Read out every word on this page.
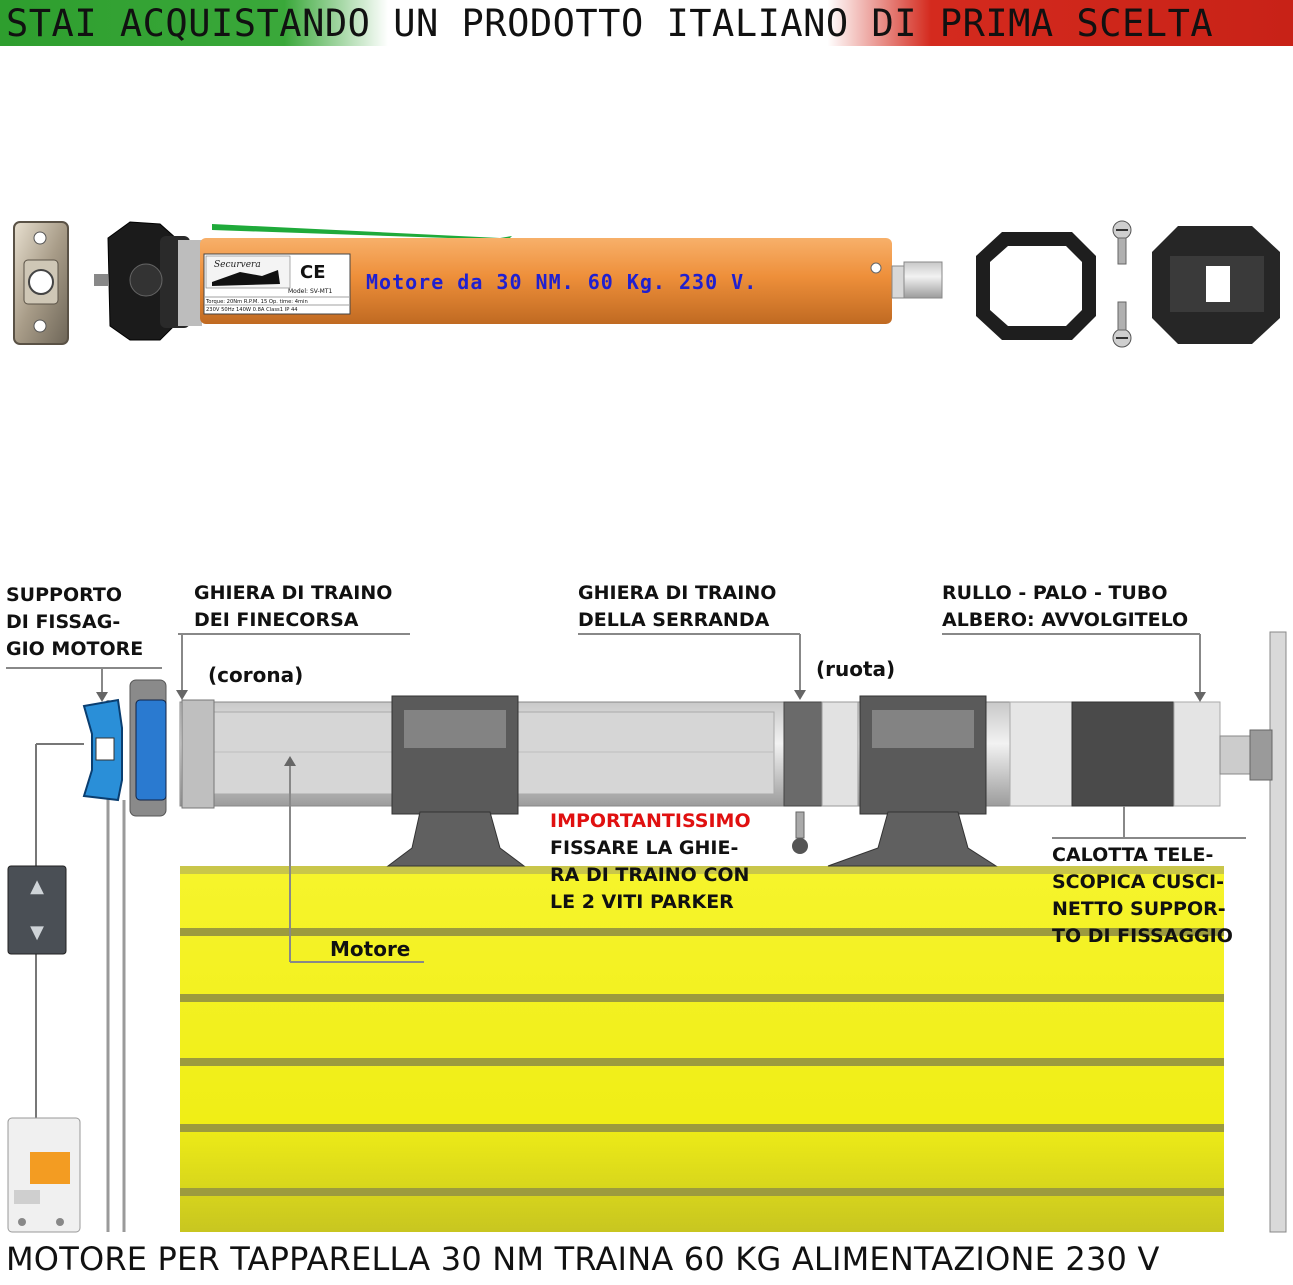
STAI ACQUISTANDO UN PRODOTTO ITALIANO DI PRIMA SCELTA
Securvera CE
Model: SV-MT1
Torque: 20Nm R.P.M. 15 Op. time: 4min
230V 50Hz 140W 0.8A Class1 IP 44
▲
▼
Motore da 30 NM. 60 Kg. 230 V.
SUPPORTO
DI FISSAG-
GIO MOTORE
GHIERA DI TRAINO
DEI FINECORSA
(corona)
GHIERA DI TRAINO
DELLA SERRANDA
(ruota)
RULLO - PALO - TUBO
ALBERO: AVVOLGITELO
IMPORTANTISSIMO
FISSARE LA GHIE-
RA DI TRAINO CON
LE 2 VITI PARKER
CALOTTA TELE-
SCOPICA CUSCI-
NETTO SUPPOR-
TO DI FISSAGGIO
Motore
MOTORE PER TAPPARELLA 30 NM TRAINA 60 KG ALIMENTAZIONE 230 V
